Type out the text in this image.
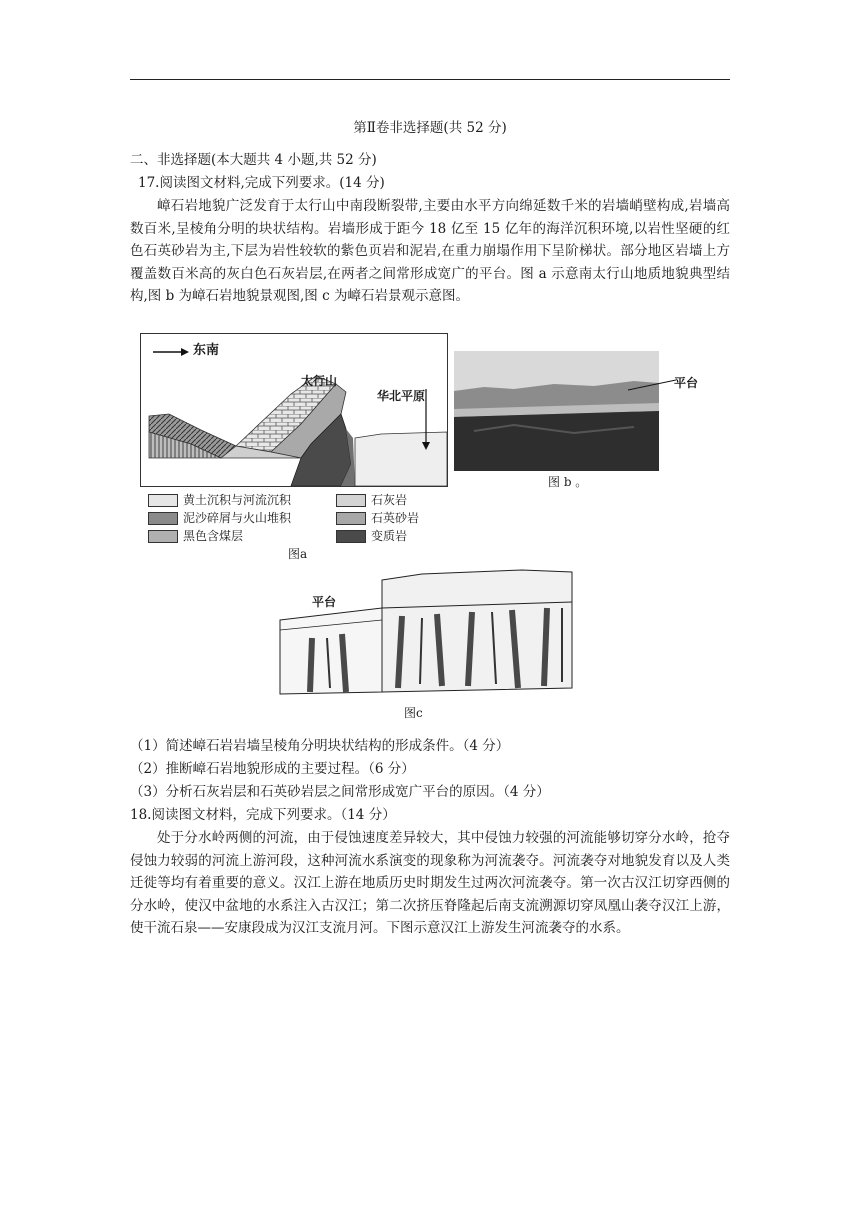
第Ⅱ卷非选择题(共 52 分)
二、非选择题(本大题共 4 小题,共 52 分)
17.阅读图文材料,完成下列要求。(14 分)
嶂石岩地貌广泛发育于太行山中南段断裂带,主要由水平方向绵延数千米的岩墙峭壁构成,岩墙高数百米,呈棱角分明的块状结构。岩墙形成于距今 18 亿至 15 亿年的海洋沉积环境,以岩性坚硬的红色石英砂岩为主,下层为岩性较软的紫色页岩和泥岩,在重力崩塌作用下呈阶梯状。部分地区岩墙上方覆盖数百米高的灰白色石灰岩层,在两者之间常形成宽广的平台。图 a 示意南太行山地质地貌典型结构,图 b 为嶂石岩地貌景观图,图 c 为嶂石岩景观示意图。
东南
太行山
华北平原
黄土沉积与河流沉积
泥沙碎屑与火山堆积
黑色含煤层
石灰岩
石英砂岩
变质岩
图a
平台
图 b 。
平台
图c
（1）简述嶂石岩岩墙呈棱角分明块状结构的形成条件。（4 分）
（2）推断嶂石岩地貌形成的主要过程。（6 分）
（3）分析石灰岩层和石英砂岩层之间常形成宽广平台的原因。（4 分）
18.阅读图文材料，完成下列要求。（14 分）
处于分水岭两侧的河流，由于侵蚀速度差异较大，其中侵蚀力较强的河流能够切穿分水岭，抢夺侵蚀力较弱的河流上游河段，这种河流水系演变的现象称为河流袭夺。河流袭夺对地貌发育以及人类迁徙等均有着重要的意义。汉江上游在地质历史时期发生过两次河流袭夺。第一次古汉江切穿西侧的分水岭，使汉中盆地的水系注入古汉江；第二次挤压脊隆起后南支流溯源切穿凤凰山袭夺汉江上游，使干流石泉——安康段成为汉江支流月河。下图示意汉江上游发生河流袭夺的水系。
